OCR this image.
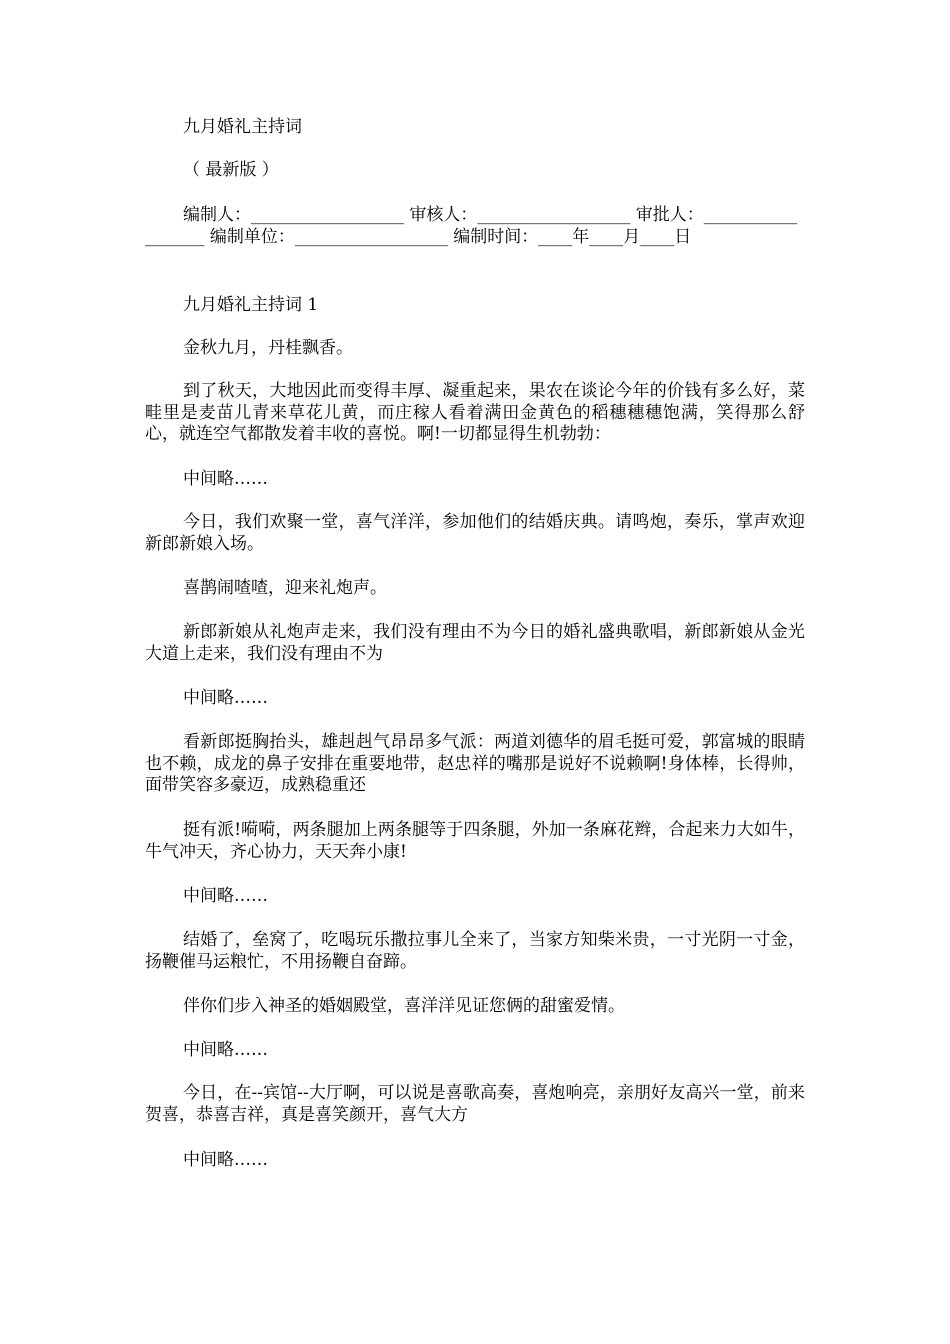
九月婚礼主持词
（ 最新版 ）
编制人：__________________ 审核人：__________________ 审批人：__________________ 编制单位：__________________ 编制时间：____年____月____日
九月婚礼主持词 1
金秋九月，丹桂飘香。
到了秋天，大地因此而变得丰厚、凝重起来，果农在谈论今年的价钱有多么好，菜畦里是麦苗儿青来草花儿黄，而庄稼人看着满田金黄色的稻穗穗穗饱满，笑得那么舒心，就连空气都散发着丰收的喜悦。啊!一切都显得生机勃勃：
中间略……
今日，我们欢聚一堂，喜气洋洋，参加他们的结婚庆典。请鸣炮，奏乐，掌声欢迎新郎新娘入场。
喜鹊闹喳喳，迎来礼炮声。
新郎新娘从礼炮声走来，我们没有理由不为今日的婚礼盛典歌唱，新郎新娘从金光大道上走来，我们没有理由不为
中间略……
看新郎挺胸抬头，雄赳赳气昂昂多气派：两道刘德华的眉毛挺可爱，郭富城的眼睛也不赖，成龙的鼻子安排在重要地带，赵忠祥的嘴那是说好不说赖啊!身体棒，长得帅，面带笑容多豪迈，成熟稳重还
挺有派!嗬嗬，两条腿加上两条腿等于四条腿，外加一条麻花辫，合起来力大如牛，牛气冲天，齐心协力，天天奔小康!
中间略……
结婚了，垒窝了，吃喝玩乐撒拉事儿全来了，当家方知柴米贵，一寸光阴一寸金，扬鞭催马运粮忙，不用扬鞭自奋蹄。
伴你们步入神圣的婚姻殿堂，喜洋洋见证您俩的甜蜜爱情。
中间略……
今日，在--宾馆--大厅啊，可以说是喜歌高奏，喜炮响亮，亲朋好友高兴一堂，前来贺喜，恭喜吉祥，真是喜笑颜开，喜气大方
中间略……
